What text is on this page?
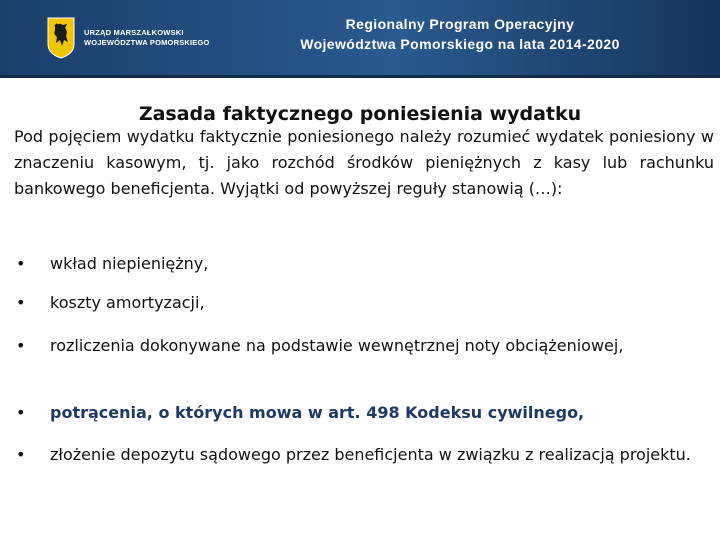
URZĄD MARSZAŁKOWSKI
WOJEWÓDZTWA POMORSKIEGO
Regionalny Program Operacyjny
Województwa Pomorskiego na lata 2014-2020
Zasada faktycznego poniesienia wydatku

Pod pojęciem wydatku faktycznie poniesionego należy rozumieć wydatek poniesiony w znaczeniu kasowym, tj. jako rozchód środków pieniężnych z kasy lub rachunku bankowego beneficjenta. Wyjątki od powyższej reguły stanowią (…):

• wkład niepieniężny,
• koszty amortyzacji,
• rozliczenia dokonywane na podstawie wewnętrznej noty obciążeniowej,
• potrącenia, o których mowa w art. 498 Kodeksu cywilnego,
• złożenie depozytu sądowego przez beneficjenta w związku z realizacją projektu.
